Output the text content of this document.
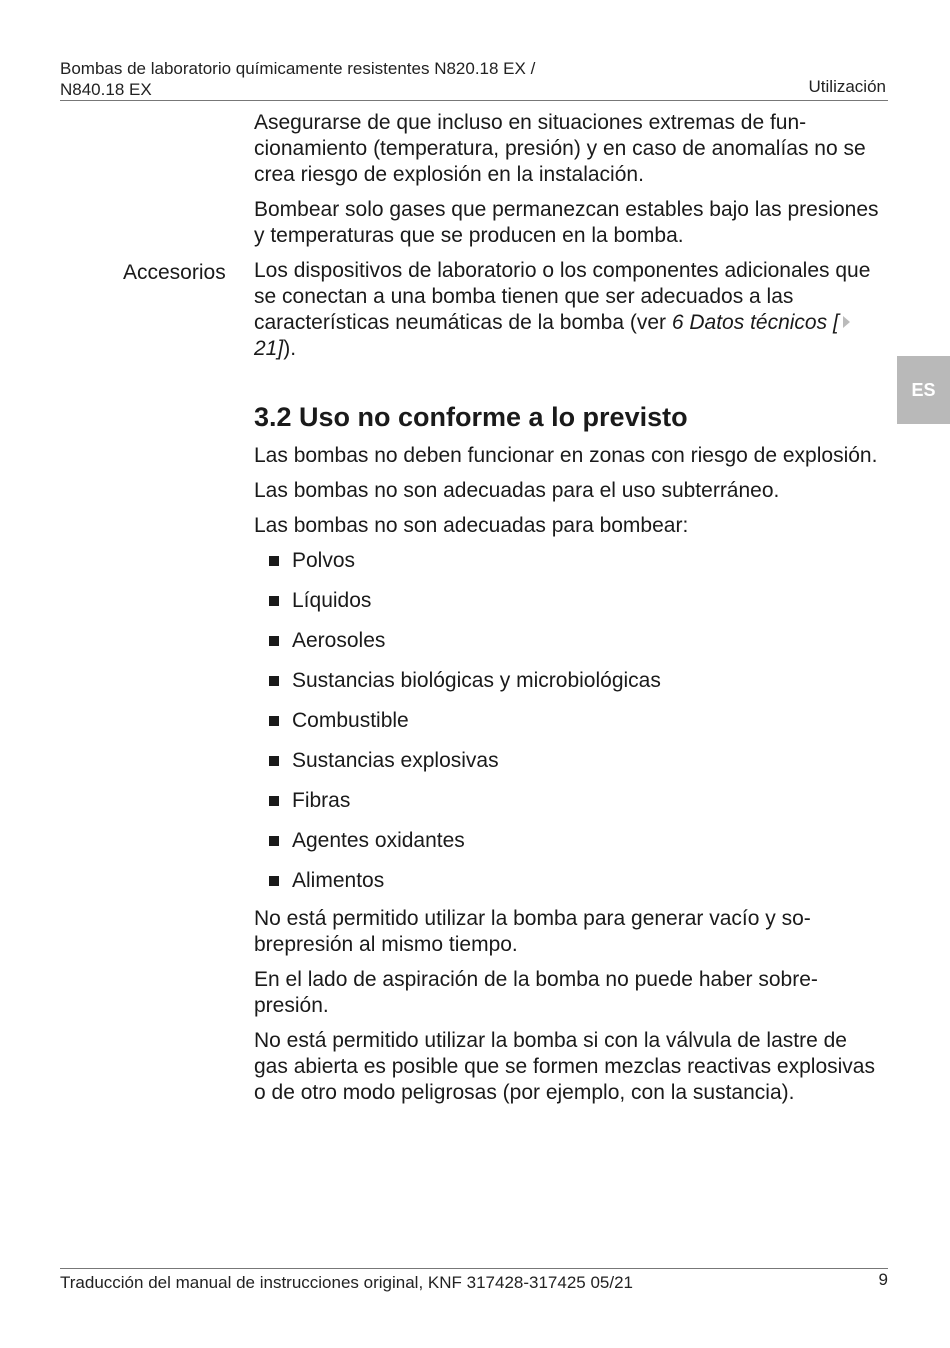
Bombas de laboratorio químicamente resistentes N820.18 EX /
N840.18 EX	Utilización
ES
Accesorios

Asegurarse de que incluso en situaciones extremas de funcionamiento (temperatura, presión) y en caso de anomalías no se crea riesgo de explosión en la instalación.

Bombear solo gases que permanezcan estables bajo las presiones y temperaturas que se producen en la bomba.

Los dispositivos de laboratorio o los componentes adicionales que se conectan a una bomba tienen que ser adecuados a las características neumáticas de la bomba (ver 6 Datos técnicos [21]).

3.2 Uso no conforme a lo previsto

Las bombas no deben funcionar en zonas con riesgo de explosión.

Las bombas no son adecuadas para el uso subterráneo.

Las bombas no son adecuadas para bombear:

Polvos
Líquidos
Aerosoles
Sustancias biológicas y microbiológicas
Combustible
Sustancias explosivas
Fibras
Agentes oxidantes
Alimentos

No está permitido utilizar la bomba para generar vacío y sobrepresión al mismo tiempo.

En el lado de aspiración de la bomba no puede haber sobrepresión.

No está permitido utilizar la bomba si con la válvula de lastre de gas abierta es posible que se formen mezclas reactivas explosivas o de otro modo peligrosas (por ejemplo, con la sustancia).

Traducción del manual de instrucciones original, KNF 317428-317425 05/21	9
